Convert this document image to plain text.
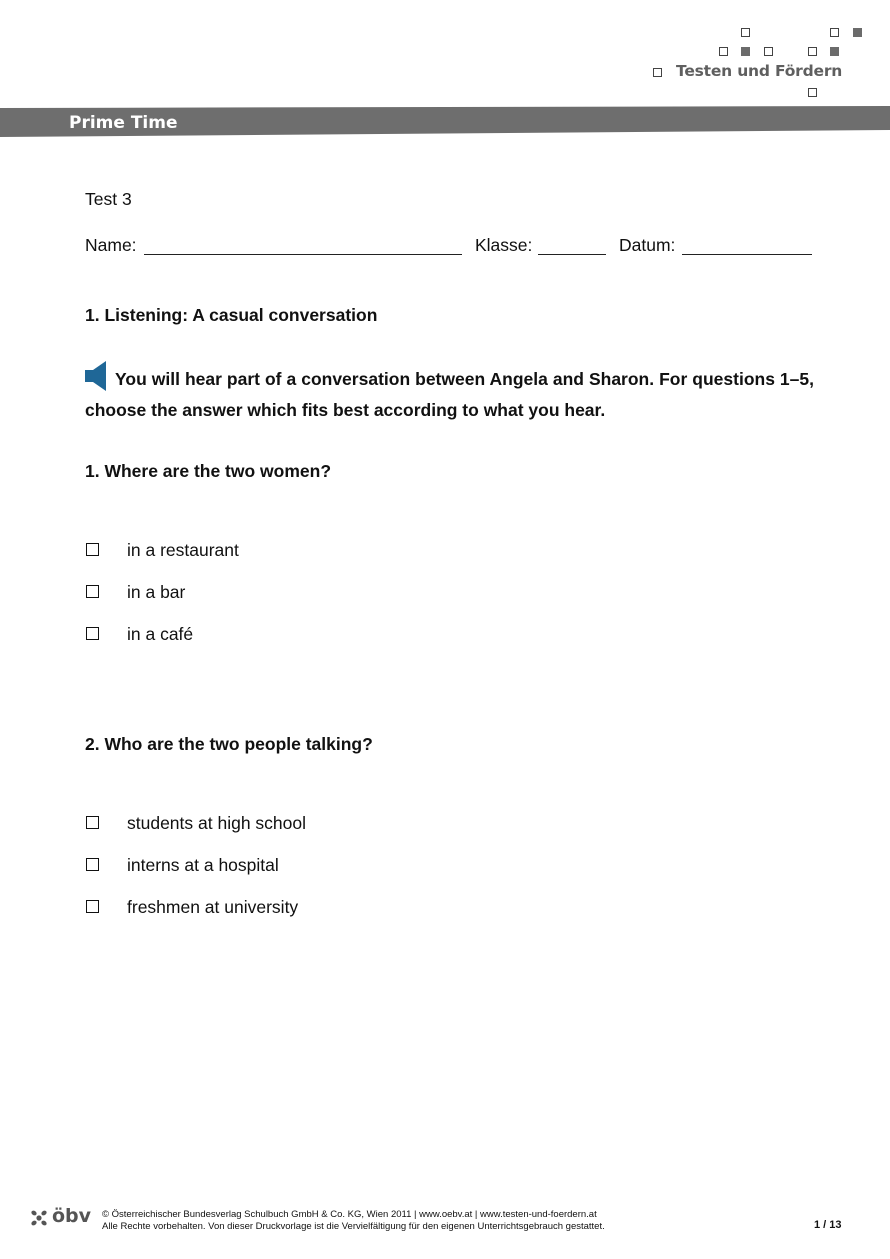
Testen und Fördern
Prime Time
Test 3
Name:	Klasse:	Datum:
1. Listening: A casual conversation
You will hear part of a conversation between Angela and Sharon. For questions 1–5, choose the answer which fits best according to what you hear.
1. Where are the two women?
in a restaurant
in a bar
in a café
2. Who are the two people talking?
students at high school
interns at a hospital
freshmen at university
öbv © Österreichischer Bundesverlag Schulbuch GmbH & Co. KG, Wien 2011 | www.oebv.at | www.testen-und-foerdern.at
Alle Rechte vorbehalten. Von dieser Druckvorlage ist die Vervielfältigung für den eigenen Unterrichtsgebrauch gestattet.	1 / 13
